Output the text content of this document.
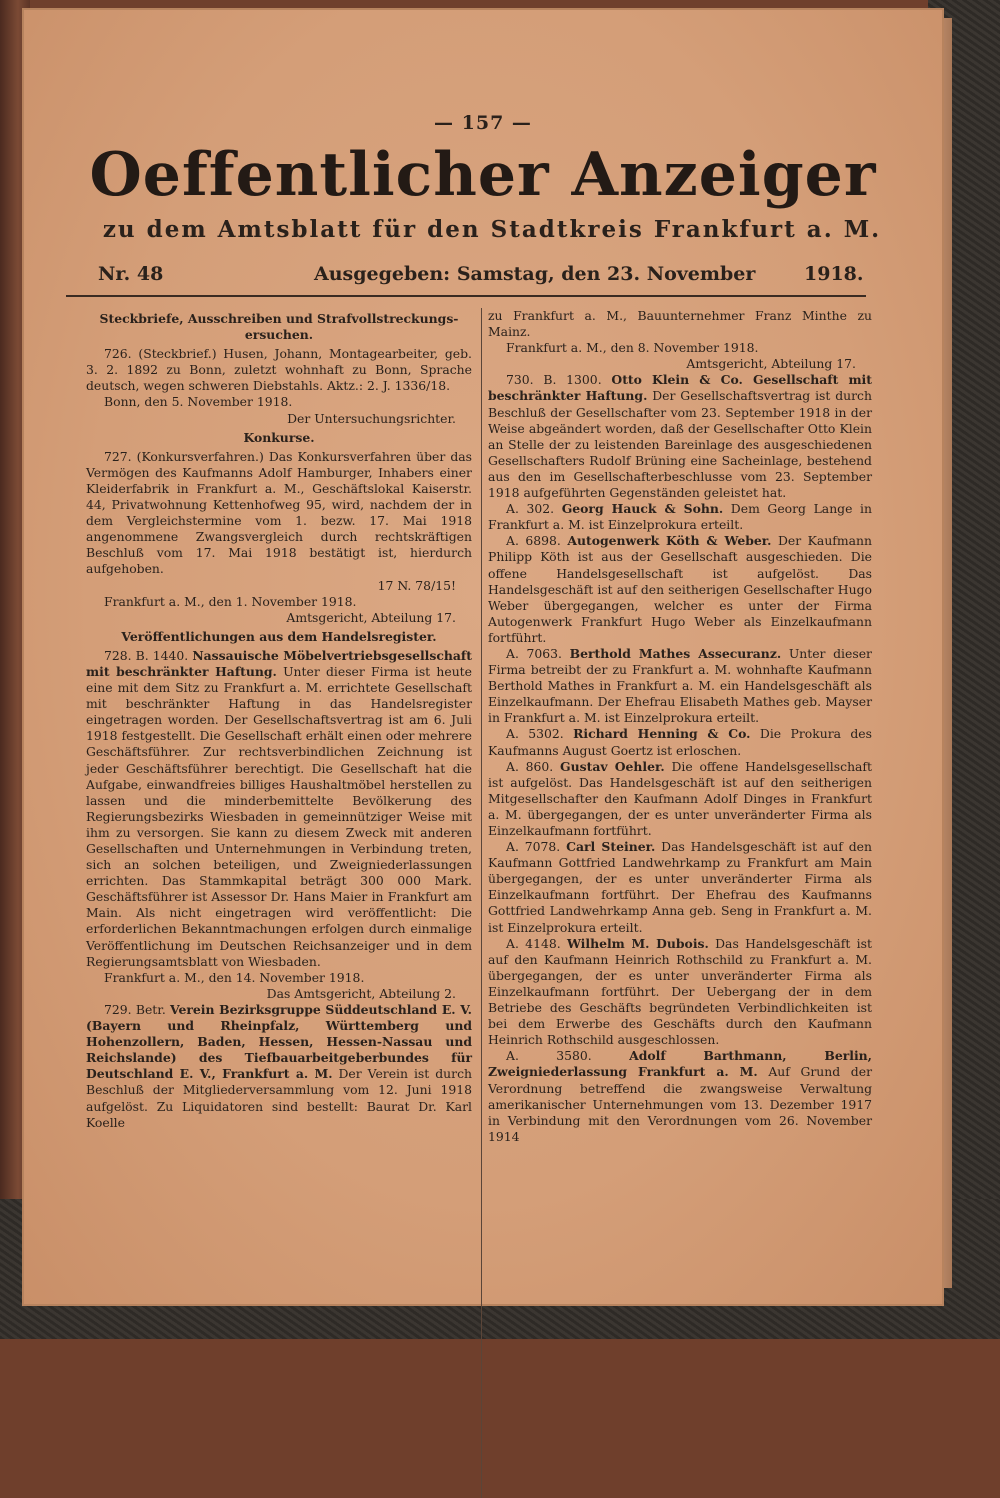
— 157 —
Oeffentlicher Anzeiger
zu dem Amtsblatt für den Stadtkreis Frankfurt a. M.
Nr. 48	Ausgegeben: Samstag, den 23. November	1918.

Steckbriefe, Ausschreiben und Strafvollstreckungs-ersuchen.

726. (Steckbrief.) Husen, Johann, Montagearbeiter, geb. 3. 2. 1892 zu Bonn, zuletzt wohnhaft zu Bonn, Sprache deutsch, wegen schweren Diebstahls. Aktz.: 2. J. 1336/18.

Bonn, den 5. November 1918.

Der Untersuchungsrichter.

Konkurse.

727. (Konkursverfahren.) Das Konkursverfahren über das Vermögen des Kaufmanns Adolf Hamburger, Inhabers einer Kleiderfabrik in Frankfurt a. M., Geschäftslokal Kaiserstr. 44, Privatwohnung Kettenhofweg 95, wird, nachdem der in dem Vergleichstermine vom 1. bezw. 17. Mai 1918 angenommene Zwangsvergleich durch rechtskräftigen Beschluß vom 17. Mai 1918 bestätigt ist, hierdurch aufgehoben.

17 N. 78/15!

Frankfurt a. M., den 1. November 1918.

Amtsgericht, Abteilung 17.

Veröffentlichungen aus dem Handelsregister.

728. B. 1440. Nassauische Möbelvertriebsgesellschaft mit beschränkter Haftung. Unter dieser Firma ist heute eine mit dem Sitz zu Frankfurt a. M. errichtete Gesellschaft mit beschränkter Haftung in das Handelsregister eingetragen worden. Der Gesellschaftsvertrag ist am 6. Juli 1918 festgestellt. Die Gesellschaft erhält einen oder mehrere Geschäftsführer. Zur rechtsverbindlichen Zeichnung ist jeder Geschäftsführer berechtigt. Die Gesellschaft hat die Aufgabe, einwandfreies billiges Haushaltmöbel herstellen zu lassen und die minderbemittelte Bevölkerung des Regierungsbezirks Wiesbaden in gemeinnütziger Weise mit ihm zu versorgen. Sie kann zu diesem Zweck mit anderen Gesellschaften und Unternehmungen in Verbindung treten, sich an solchen beteiligen, und Zweigniederlassungen errichten. Das Stammkapital beträgt 300 000 Mark. Geschäftsführer ist Assessor Dr. Hans Maier in Frankfurt am Main. Als nicht eingetragen wird veröffentlicht: Die erforderlichen Bekanntmachungen erfolgen durch einmalige Veröffentlichung im Deutschen Reichsanzeiger und in dem Regierungsamtsblatt von Wiesbaden.

Frankfurt a. M., den 14. November 1918.

Das Amtsgericht, Abteilung 2.

729. Betr. Verein Bezirksgruppe Süddeutschland E. V. (Bayern und Rheinpfalz, Württemberg und Hohenzollern, Baden, Hessen, Hessen-Nassau und Reichslande) des Tiefbauarbeitgeberbundes für Deutschland E. V., Frankfurt a. M. Der Verein ist durch Beschluß der Mitgliederversammlung vom 12. Juni 1918 aufgelöst. Zu Liquidatoren sind bestellt: Baurat Dr. Karl Koelle

zu Frankfurt a. M., Bauunternehmer Franz Minthe zu Mainz.

Frankfurt a. M., den 8. November 1918.

Amtsgericht, Abteilung 17.

730. B. 1300. Otto Klein & Co. Gesellschaft mit beschränkter Haftung. Der Gesellschaftsvertrag ist durch Beschluß der Gesellschafter vom 23. September 1918 in der Weise abgeändert worden, daß der Gesellschafter Otto Klein an Stelle der zu leistenden Bareinlage des ausgeschiedenen Gesellschafters Rudolf Brüning eine Sacheinlage, bestehend aus den im Gesellschafterbeschlusse vom 23. September 1918 aufgeführten Gegenständen geleistet hat.

A. 302. Georg Hauck & Sohn. Dem Georg Lange in Frankfurt a. M. ist Einzelprokura erteilt.

A. 6898. Autogenwerk Köth & Weber. Der Kaufmann Philipp Köth ist aus der Gesellschaft ausgeschieden. Die offene Handelsgesellschaft ist aufgelöst. Das Handelsgeschäft ist auf den seitherigen Gesellschafter Hugo Weber übergegangen, welcher es unter der Firma Autogenwerk Frankfurt Hugo Weber als Einzelkaufmann fortführt.

A. 7063. Berthold Mathes Assecuranz. Unter dieser Firma betreibt der zu Frankfurt a. M. wohnhafte Kaufmann Berthold Mathes in Frankfurt a. M. ein Handelsgeschäft als Einzelkaufmann. Der Ehefrau Elisabeth Mathes geb. Mayser in Frankfurt a. M. ist Einzelprokura erteilt.

A. 5302. Richard Henning & Co. Die Prokura des Kaufmanns August Goertz ist erloschen.

A. 860. Gustav Oehler. Die offene Handelsgesellschaft ist aufgelöst. Das Handelsgeschäft ist auf den seitherigen Mitgesellschafter den Kaufmann Adolf Dinges in Frankfurt a. M. übergegangen, der es unter unveränderter Firma als Einzelkaufmann fortführt.

A. 7078. Carl Steiner. Das Handelsgeschäft ist auf den Kaufmann Gottfried Landwehrkamp zu Frankfurt am Main übergegangen, der es unter unveränderter Firma als Einzelkaufmann fortführt. Der Ehefrau des Kaufmanns Gottfried Landwehrkamp Anna geb. Seng in Frankfurt a. M. ist Einzelprokura erteilt.

A. 4148. Wilhelm M. Dubois. Das Handelsgeschäft ist auf den Kaufmann Heinrich Rothschild zu Frankfurt a. M. übergegangen, der es unter unveränderter Firma als Einzelkaufmann fortführt. Der Uebergang der in dem Betriebe des Geschäfts begründeten Verbindlichkeiten ist bei dem Erwerbe des Geschäfts durch den Kaufmann Heinrich Rothschild ausgeschlossen.

A. 3580.	Adolf Barthmann, Berlin, Zweigniederlassung Frankfurt a. M. Auf Grund der Verordnung betreffend die zwangsweise Verwaltung amerikanischer Unternehmungen vom 13. Dezember 1917 in Verbindung mit den Verordnungen vom 26. November 1914
